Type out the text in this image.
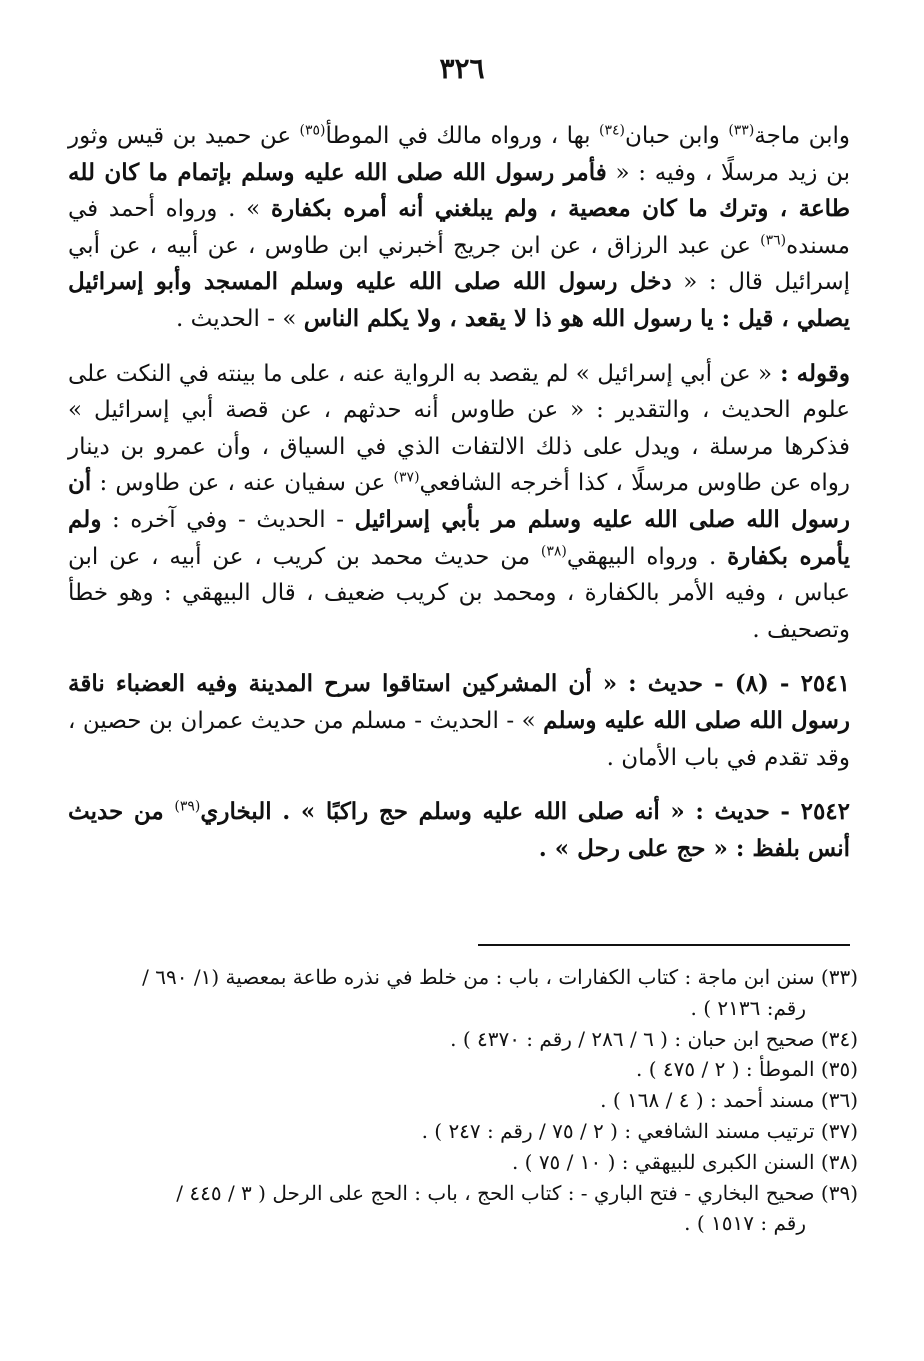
٣٢٦

وابن ماجة$^{(٣٣)}$ وابن حبان$^{(٣٤)}$ بها ، ورواه مالك في الموطأ$^{(٣٥)}$ عن حميد بن قيس وثور بن زيد مرسلًا ، وفيه : « فأمر رسول الله صلى الله عليه وسلم بإتمام ما كان لله طاعة ، وترك ما كان معصية ، ولم يبلغني أنه أمره بكفارة » . ورواه أحمد في مسنده$^{(٣٦)}$ عن عبد الرزاق ، عن ابن جريج أخبرني ابن طاوس ، عن أبيه ، عن أبي إسرائيل قال : « دخل رسول الله صلى الله عليه وسلم المسجد وأبو إسرائيل يصلي ، قيل : يا رسول الله هو ذا لا يقعد ، ولا يكلم الناس » - الحديث .

وقوله : « عن أبي إسرائيل » لم يقصد به الرواية عنه ، على ما بينته في النكت على علوم الحديث ، والتقدير : « عن طاوس أنه حدثهم ، عن قصة أبي إسرائيل » فذكرها مرسلة ، ويدل على ذلك الالتفات الذي في السياق ، وأن عمرو بن دينار رواه عن طاوس مرسلًا ، كذا أخرجه الشافعي$^{(٣٧)}$ عن سفيان عنه ، عن طاوس : أن رسول الله صلى الله عليه وسلم مر بأبي إسرائيل - الحديث - وفي آخره : ولم يأمره بكفارة . ورواه البيهقي$^{(٣٨)}$ من حديث محمد بن كريب ، عن أبيه ، عن ابن عباس ، وفيه الأمر بالكفارة ، ومحمد بن كريب ضعيف ، قال البيهقي : وهو خطأ وتصحيف .

٢٥٤١ - (٨) - حديث : « أن المشركين استاقوا سرح المدينة وفيه العضباء ناقة رسول الله صلى الله عليه وسلم » - الحديث - مسلم من حديث عمران بن حصين ، وقد تقدم في باب الأمان .

٢٥٤٢ - حديث : « أنه صلى الله عليه وسلم حج راكبًا » . البخاري$^{(٣٩)}$ من حديث أنس بلفظ : « حج على رحل » .

(٣٣) سنن ابن ماجة : كتاب الكفارات ، باب : من خلط في نذره طاعة بمعصية (١/ ٦٩٠ /
رقم: ٢١٣٦ ) .

(٣٤) صحيح ابن حبان : ( ٦ / ٢٨٦ / رقم : ٤٣٧٠ ) .

(٣٥) الموطأ : ( ٢ / ٤٧٥ ) .

(٣٦) مسند أحمد : ( ٤ / ١٦٨ ) .

(٣٧) ترتيب مسند الشافعي : ( ٢ / ٧٥ / رقم : ٢٤٧ ) .

(٣٨) السنن الكبرى للبيهقي : ( ١٠ / ٧٥ ) .

(٣٩) صحيح البخاري - فتح الباري - : كتاب الحج ، باب : الحج على الرحل ( ٣ / ٤٤٥ /
رقم : ١٥١٧ ) .
